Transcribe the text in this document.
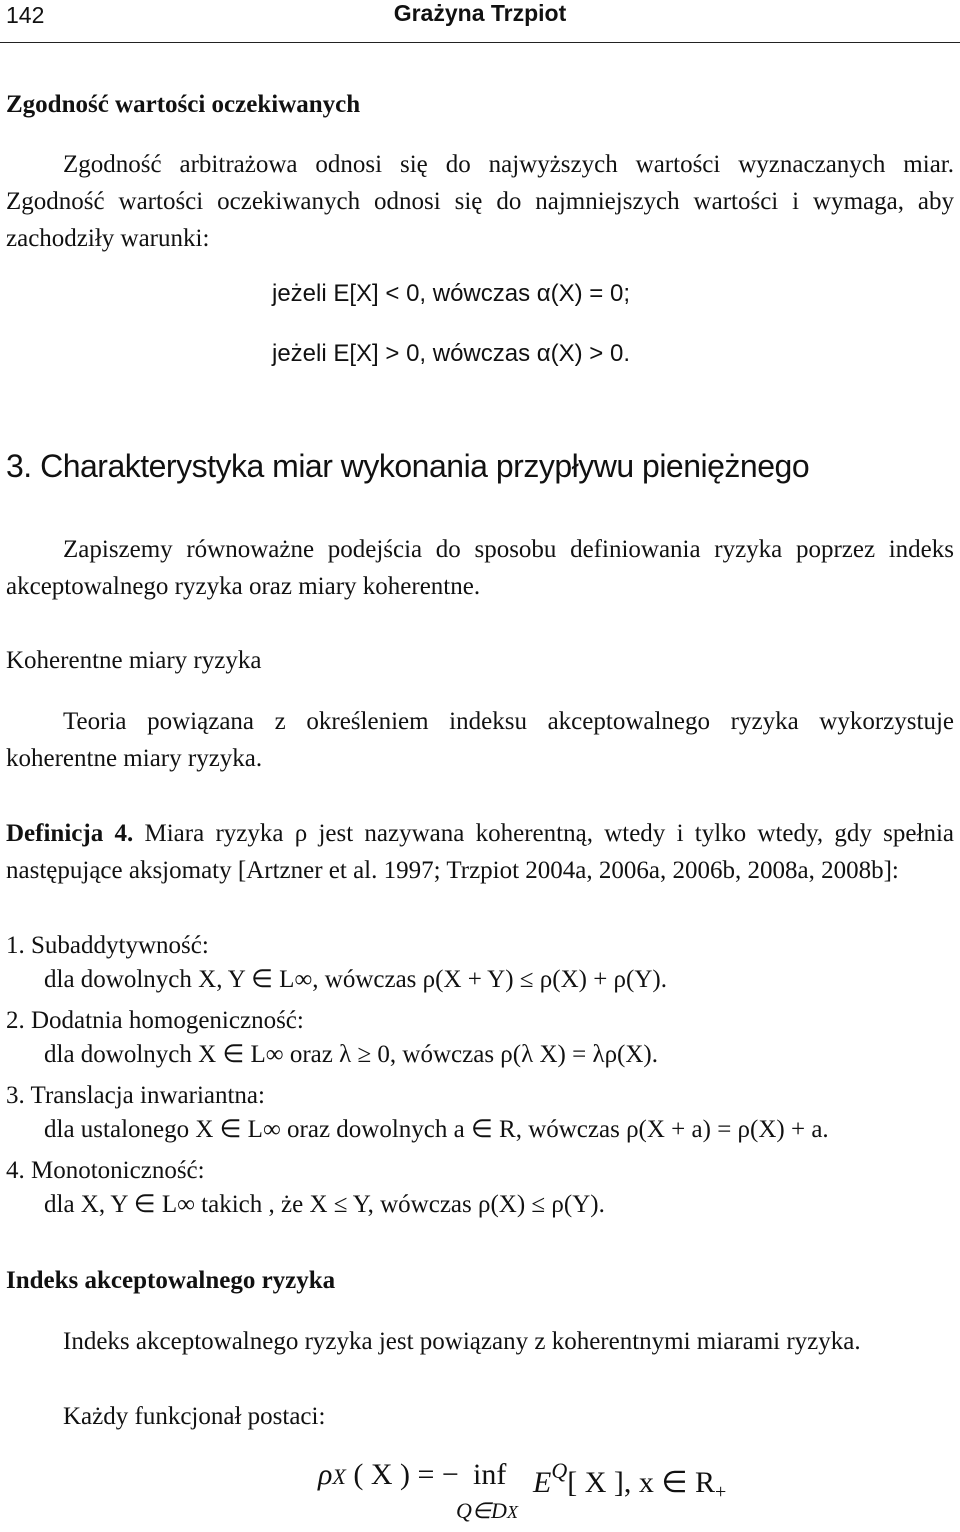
142	Grażyna Trzpiot
Zgodność wartości oczekiwanych
Zgodność arbitrażowa odnosi się do najwyższych wartości wyznaczanych miar. Zgodność wartości oczekiwanych odnosi się do najmniejszych wartości i wymaga, aby zachodziły warunki:
jeżeli E[X] < 0, wówczas α(X) = 0;
jeżeli E[X] > 0, wówczas α(X) > 0.
3. Charakterystyka miar wykonania przypływu pieniężnego
Zapiszemy równoważne podejścia do sposobu definiowania ryzyka poprzez indeks akceptowalnego ryzyka oraz miary koherentne.
Koherentne miary ryzyka
Teoria powiązana z określeniem indeksu akceptowalnego ryzyka wykorzystuje koherentne miary ryzyka.
Definicja 4. Miara ryzyka ρ jest nazywana koherentną, wtedy i tylko wtedy, gdy spełnia następujące aksjomaty [Artzner et al. 1997; Trzpiot 2004a, 2006a, 2006b, 2008a, 2008b]:
1. Subaddytywność:
dla dowolnych X, Y ∈ L∞, wówczas ρ(X + Y) ≤ ρ(X) + ρ(Y).
2. Dodatnia homogeniczność:
dla dowolnych X ∈ L∞ oraz λ ≥ 0, wówczas ρ(λ X) = λρ(X).
3. Translacja inwariantna:
dla ustalonego X ∈ L∞ oraz dowolnych a ∈ R, wówczas ρ(X + a) = ρ(X) + a.
4. Monotoniczność:
dla X, Y ∈ L∞ takich , że X ≤ Y, wówczas ρ(X) ≤ ρ(Y).
Indeks akceptowalnego ryzyka
Indeks akceptowalnego ryzyka jest powiązany z koherentnymi miarami ryzyka.
Każdy funkcjonał postaci:
ρX ( X ) = − inf
Q∈DX
$E^Q$[ X ], x ∈ $R_+$
